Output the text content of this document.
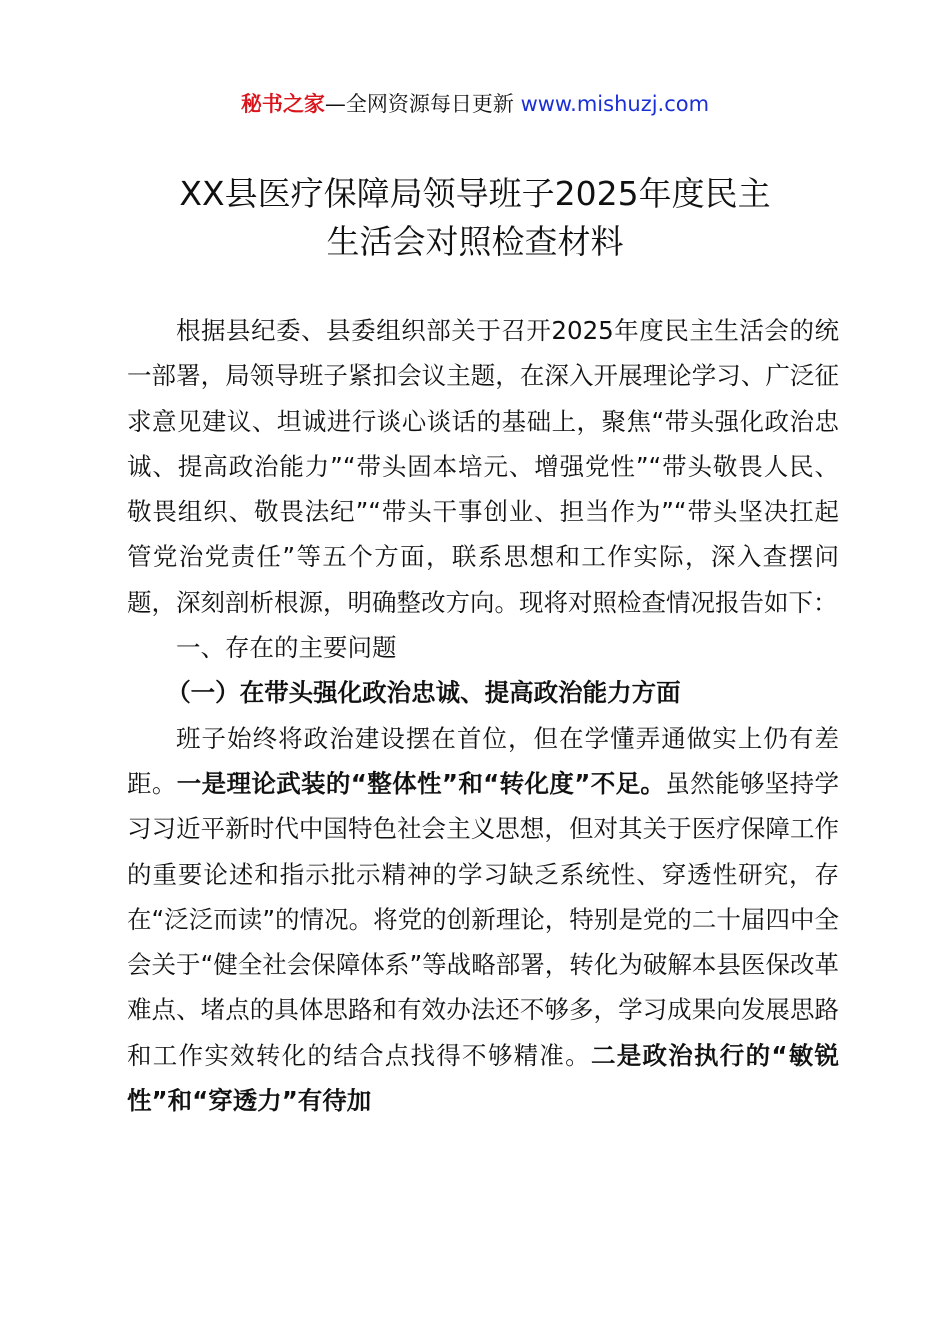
秘书之家—全网资源每日更新 www.mishuzj.com
XX县医疗保障局领导班子2025年度民主
生活会对照检查材料

根据县纪委、县委组织部关于召开2025年度民主生活会的统一部署，局领导班子紧扣会议主题，在深入开展理论学习、广泛征求意见建议、坦诚进行谈心谈话的基础上，聚焦“带头强化政治忠诚、提高政治能力”“带头固本培元、增强党性”“带头敬畏人民、敬畏组织、敬畏法纪”“带头干事创业、担当作为”“带头坚决扛起管党治党责任”等五个方面，联系思想和工作实际，深入查摆问题，深刻剖析根源，明确整改方向。现将对照检查情况报告如下：

一、存在的主要问题

（一）在带头强化政治忠诚、提高政治能力方面

班子始终将政治建设摆在首位，但在学懂弄通做实上仍有差距。一是理论武装的“整体性”和“转化度”不足。虽然能够坚持学习习近平新时代中国特色社会主义思想，但对其关于医疗保障工作的重要论述和指示批示精神的学习缺乏系统性、穿透性研究，存在“泛泛而读”的情况。将党的创新理论，特别是党的二十届四中全会关于“健全社会保障体系”等战略部署，转化为破解本县医保改革难点、堵点的具体思路和有效办法还不够多，学习成果向发展思路和工作实效转化的结合点找得不够精准。二是政治执行的“敏锐性”和“穿透力”有待加
